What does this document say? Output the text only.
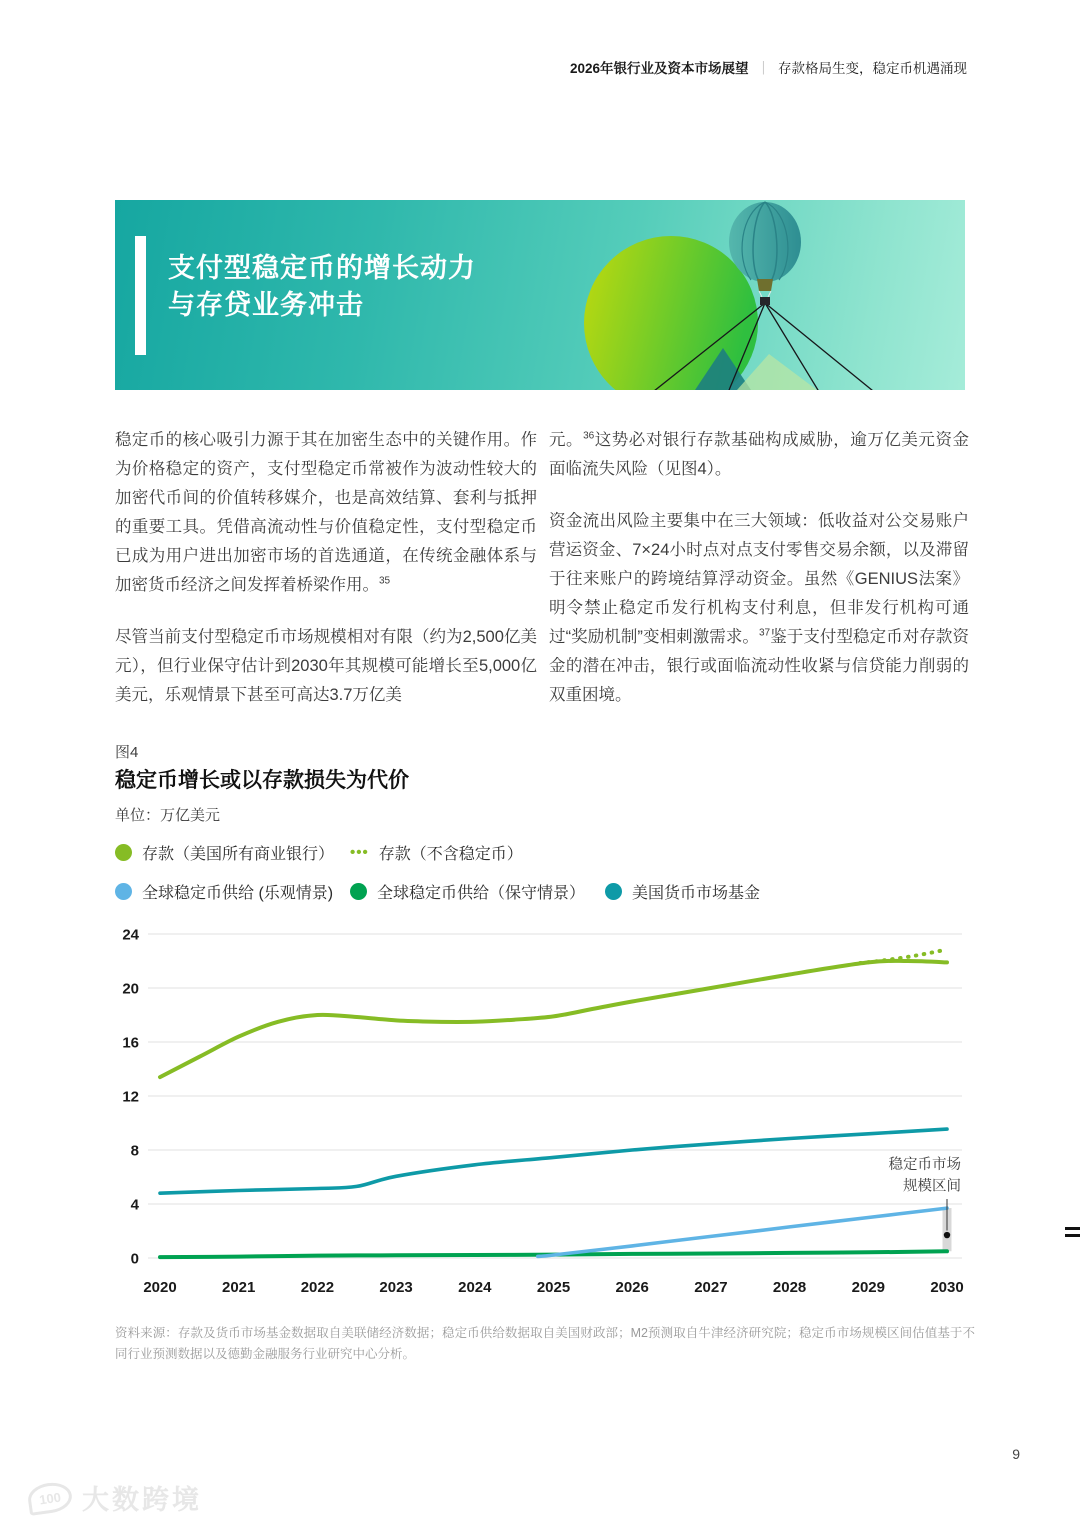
2026年银行业及资本市场展望 ｜ 存款格局生变，稳定币机遇涌现
支付型稳定币的增长动力
与存贷业务冲击

稳定币的核心吸引力源于其在加密生态中的关键作用。作为价格稳定的资产，支付型稳定币常被作为波动性较大的加密代币间的价值转移媒介，也是高效结算、套利与抵押的重要工具。凭借高流动性与价值稳定性，支付型稳定币已成为用户进出加密市场的首选通道，在传统金融体系与加密货币经济之间发挥着桥梁作用。$^{35}$

尽管当前支付型稳定币市场规模相对有限（约为2,500亿美元），但行业保守估计到2030年其规模可能增长至5,000亿美元，乐观情景下甚至可高达3.7万亿美

元。$^{36}$这势必对银行存款基础构成威胁，逾万亿美元资金面临流失风险（见图4）。

资金流出风险主要集中在三大领域：低收益对公交易账户营运资金、7×24小时点对点支付零售交易余额，以及滞留于往来账户的跨境结算浮动资金。虽然《GENIUS法案》明令禁止稳定币发行机构支付利息，但非发行机构可通过“奖励机制”变相刺激需求。$^{37}$鉴于支付型稳定币对存款资金的潜在冲击，银行或面临流动性收紧与信贷能力削弱的双重困境。

图4
稳定币增长或以存款损失为代价
单位：万亿美元
存款（美国所有商业银行） ••• 存款（不含稳定币）
全球稳定币供给 (乐观情景)	全球稳定币供给（保守情景）	美国货币市场基金
0
4
8
12
16
20
24
2020	2021	2022	2023	2024	2025	2026	2027	2028	2029	2030
稳定币市场
规模区间
资料来源：存款及货币市场基金数据取自美联储经济数据；稳定币供给数据取自美国财政部；M2预测取自牛津经济研究院；稳定币市场规模区间估值基于不同行业预测数据以及德勤金融服务行业研究中心分析。
9
100 大数跨境
